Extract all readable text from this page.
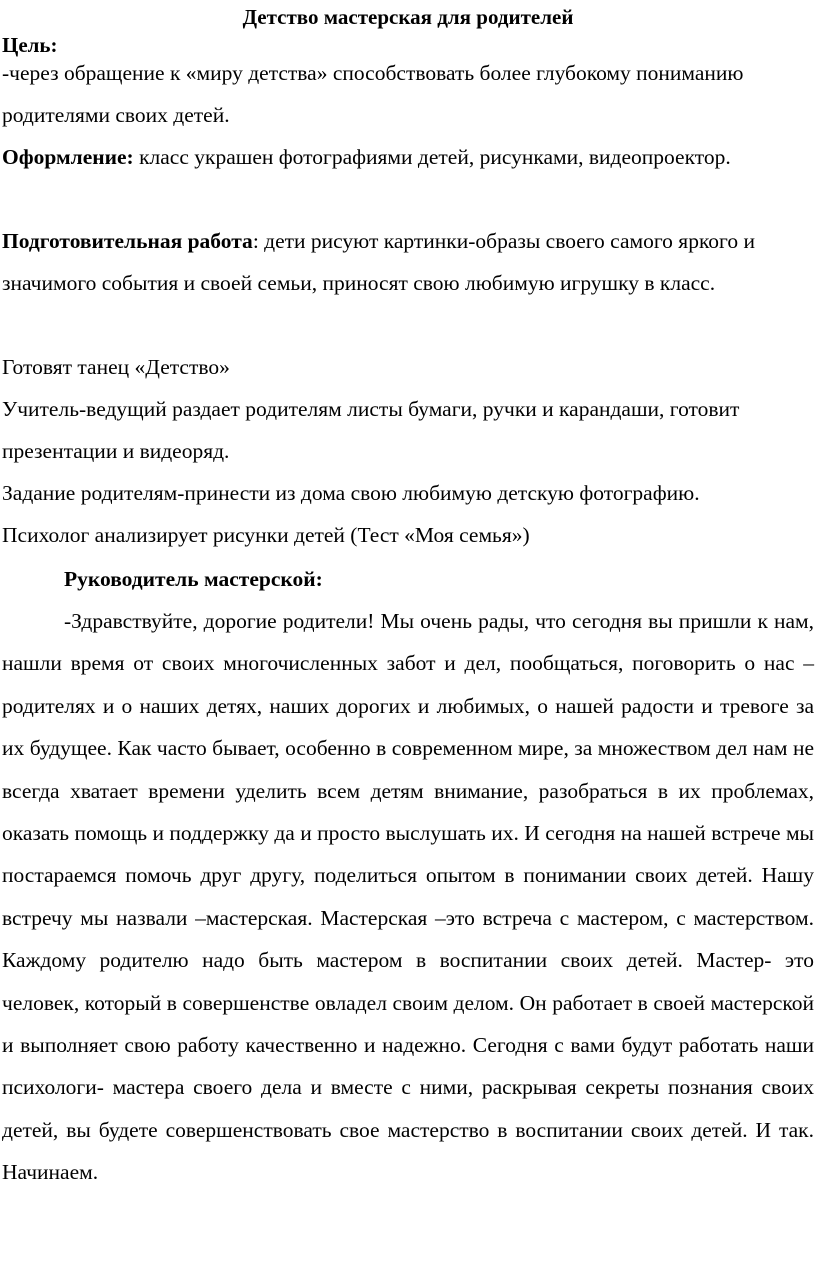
Детство мастерская для родителей
Цель:
-через обращение к «миру детства» способствовать более глубокому пониманию родителями своих детей.
Оформление: класс украшен фотографиями детей, рисунками, видеопроектор.
Подготовительная работа: дети рисуют картинки-образы своего самого яркого и значимого события и своей семьи, приносят свою любимую игрушку в класс.
Готовят танец «Детство»
Учитель-ведущий раздает родителям листы бумаги, ручки и карандаши, готовит презентации и видеоряд.
Задание родителям-принести из дома свою любимую детскую фотографию.
Психолог анализирует рисунки детей (Тест «Моя семья»)
Руководитель мастерской:
-Здравствуйте, дорогие родители! Мы очень рады, что сегодня вы пришли к нам, нашли время от своих многочисленных забот и дел, пообщаться, поговорить о нас –родителях и о наших детях, наших дорогих и любимых, о нашей радости и тревоге за их будущее. Как часто бывает, особенно в современном мире, за множеством дел нам не всегда хватает времени уделить всем детям внимание, разобраться в их проблемах, оказать помощь и поддержку да и просто выслушать их. И сегодня на нашей встрече мы постараемся помочь друг другу, поделиться опытом в понимании своих детей. Нашу встречу мы назвали –мастерская. Мастерская –это встреча с мастером, с мастерством. Каждому родителю надо быть мастером в воспитании своих детей. Мастер- это человек, который в совершенстве овладел своим делом. Он работает в своей мастерской и выполняет свою работу качественно и надежно. Сегодня с вами будут работать наши психологи- мастера своего дела и вместе с ними, раскрывая секреты познания своих детей, вы будете совершенствовать свое мастерство в воспитании своих детей. И так. Начинаем.
